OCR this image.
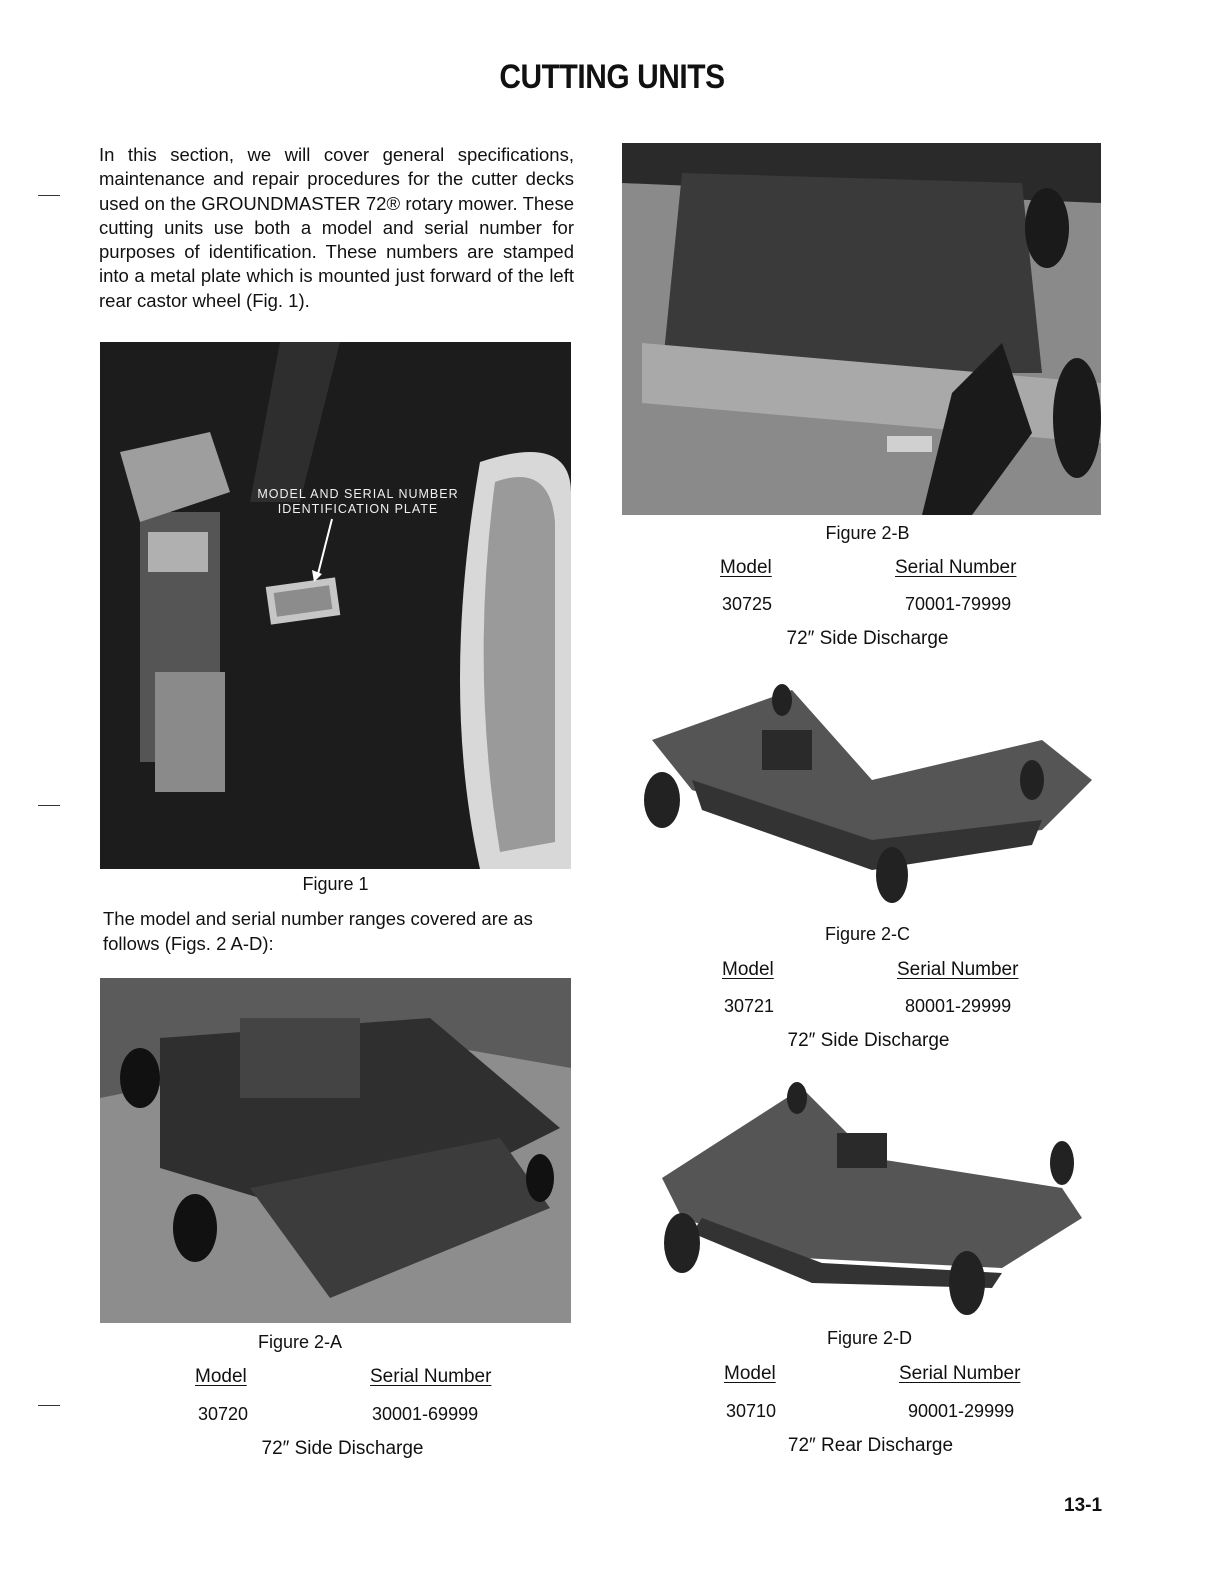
CUTTING UNITS
In this section, we will cover general specifications, maintenance and repair procedures for the cutter decks used on the GROUNDMASTER 72® rotary mower. These cutting units use both a model and serial number for purposes of identification. These numbers are stamped into a metal plate which is mounted just forward of the left rear castor wheel (Fig. 1).
MODEL AND SERIAL NUMBER
IDENTIFICATION PLATE
Figure 1
The model and serial number ranges covered are as follows (Figs. 2 A-D):
Figure 2-A
Model	Serial Number
30720	30001-69999
72″ Side Discharge
Figure 2-B
Model	Serial Number
30725	70001-79999
72″ Side Discharge
Figure 2-C
Model	Serial Number
30721	80001-29999
72″ Side Discharge
Figure 2-D
Model	Serial Number
30710	90001-29999
72″ Rear Discharge
13-1
